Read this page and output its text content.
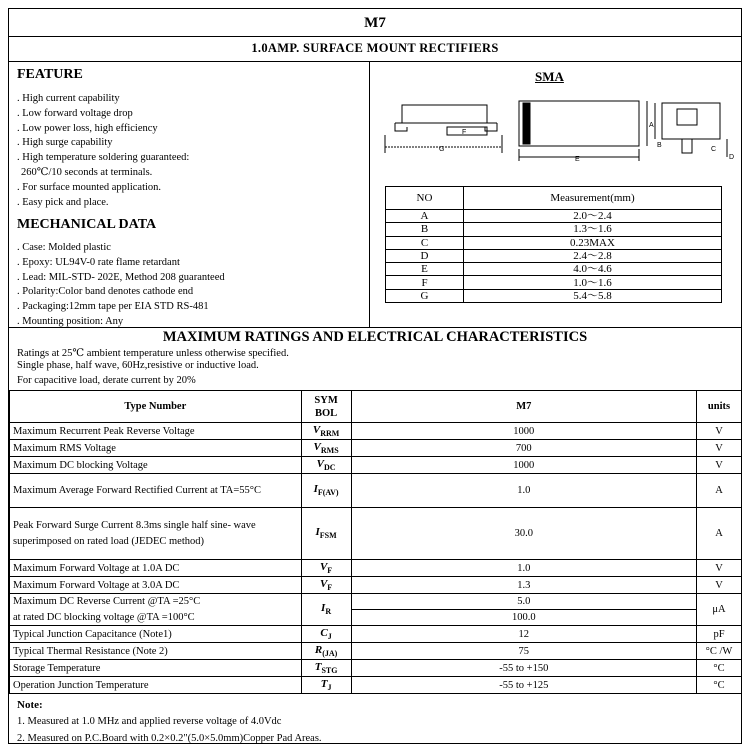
M7
1.0AMP. SURFACE MOUNT RECTIFIERS
FEATURE
. High current capability
. Low forward voltage drop
. Low power loss, high efficiency
. High surge capability
. High temperature soldering guaranteed:
260℃/10 seconds at terminals.
. For surface mounted application.
. Easy pick and place.
MECHANICAL DATA
. Case: Molded plastic
. Epoxy: UL94V-0 rate flame retardant
. Lead: MIL-STD- 202E, Method 208 guaranteed
. Polarity:Color band denotes cathode end
. Packaging:12mm tape per EIA STD RS-481
. Mounting position: Any
SMA
F
G
E
A
B
C
D
NO	Measurement(mm)
A	2.0～2.4
B	1.3～1.6
C	0.23MAX
D	2.4～2.8
E	4.0～4.6
F	1.0～1.6
G	5.4～5.8
MAXIMUM RATINGS AND ELECTRICAL CHARACTERISTICS
Ratings at 25℃ ambient temperature unless otherwise specified.
Single phase, half wave, 60Hz,resistive or inductive load.
For capacitive load, derate current by 20%
Type Number	SYM BOL	M7	units
Maximum Recurrent Peak Reverse Voltage	$V_{RRM}$	1000	V
Maximum RMS Voltage	$V_{RMS}$	700	V
Maximum DC blocking Voltage	$V_{DC}$	1000	V
Maximum Average Forward Rectified Current at TA=55°C	$I_{F(AV)}$	1.0	A
Peak Forward Surge Current 8.3ms single half sine- wave superimposed on rated load (JEDEC method)	$I_{FSM}$	30.0	A
Maximum Forward Voltage at 1.0A DC	$V_F$	1.0	V
Maximum Forward Voltage at 3.0A DC	$V_F$	1.3	V
Maximum DC Reverse Current @TA =25°C	$I_R$	5.0	μA
at rated DC blocking voltage @TA =100°C		100.0	
Typical Junction Capacitance (Note1)	$C_J$	12	pF
Typical Thermal Resistance (Note 2)	$R_{(JA)}$	75	°C /W
Storage Temperature	$T_{STG}$	-55 to +150	°C
Operation Junction Temperature	$T_J$	-55 to +125	°C
Note:
1. Measured at 1.0 MHz and applied reverse voltage of 4.0Vdc
2. Measured on P.C.Board with 0.2×0.2"(5.0×5.0mm)Copper Pad Areas.
